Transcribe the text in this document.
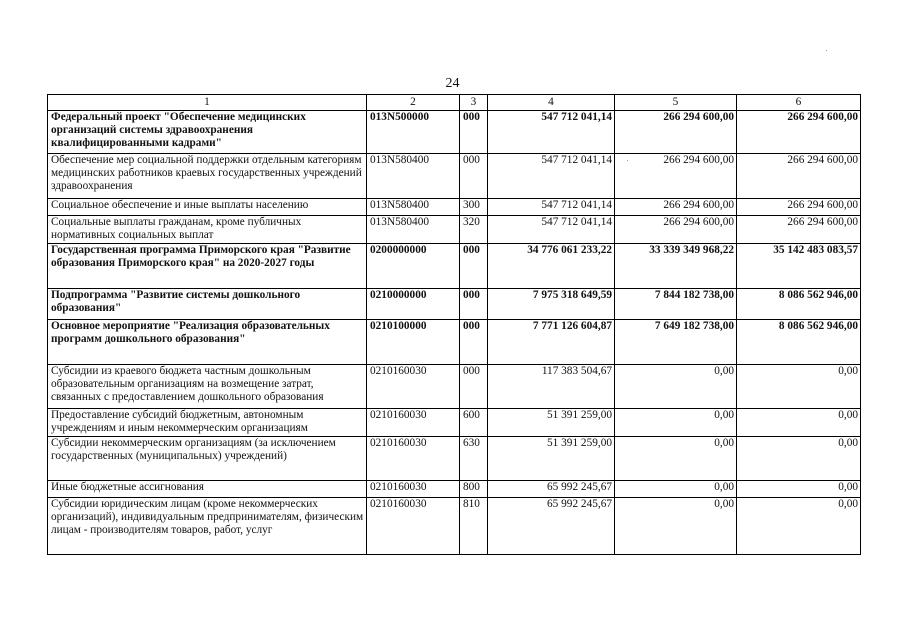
24
1	2	3	4	5	6
Федеральный проект "Обеспечение медицинских организаций системы здравоохранения квалифицированными кадрами"	013N500000	000	547 712 041,14	266 294 600,00	266 294 600,00
Обеспечение мер социальной поддержки отдельным категориям медицинских работников краевых государственных учреждений здравоохранения	013N580400	000	547 712 041,14	266 294 600,00	266 294 600,00
Социальное обеспечение и иные выплаты населению	013N580400	300	547 712 041,14	266 294 600,00	266 294 600,00
Социальные выплаты гражданам, кроме публичных нормативных социальных выплат	013N580400	320	547 712 041,14	266 294 600,00	266 294 600,00
Государственная программа Приморского края "Развитие образования Приморского края" на 2020-2027 годы	0200000000	000	34 776 061 233,22	33 339 349 968,22	35 142 483 083,57
Подпрограмма "Развитие системы дошкольного образования"	0210000000	000	7 975 318 649,59	7 844 182 738,00	8 086 562 946,00
Основное мероприятие "Реализация образовательных программ дошкольного образования"	0210100000	000	7 771 126 604,87	7 649 182 738,00	8 086 562 946,00
Субсидии из краевого бюджета частным дошкольным образовательным организациям на возмещение затрат, связанных с предоставлением дошкольного образования	0210160030	000	117 383 504,67	0,00	0,00
Предоставление субсидий бюджетным, автономным учреждениям и иным некоммерческим организациям	0210160030	600	51 391 259,00	0,00	0,00
Субсидии некоммерческим организациям (за исключением государственных (муниципальных) учреждений)	0210160030	630	51 391 259,00	0,00	0,00
Иные бюджетные ассигнования	0210160030	800	65 992 245,67	0,00	0,00
Субсидии юридическим лицам (кроме некоммерческих организаций), индивидуальным предпринимателям, физическим лицам - производителям товаров, работ, услуг	0210160030	810	65 992 245,67	0,00	0,00
